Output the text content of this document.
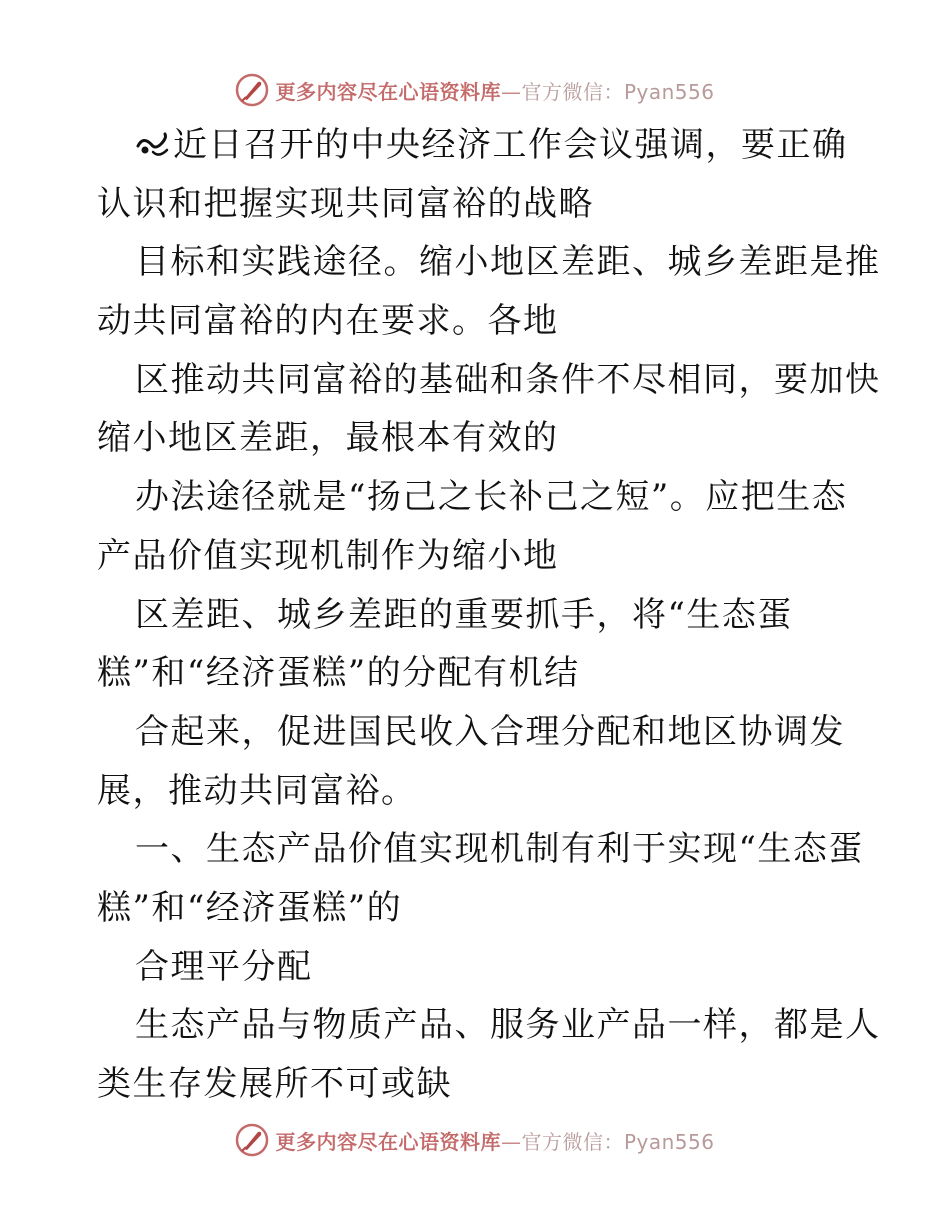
更多内容尽在心语资料库—官方微信：Pyan556
近日召开的中央经济工作会议强调，要正确
认识和把握实现共同富裕的战略
目标和实践途径。缩小地区差距、城乡差距是推
动共同富裕的内在要求。各地
区推动共同富裕的基础和条件不尽相同，要加快
缩小地区差距，最根本有效的
办法途径就是“扬己之长补己之短”。应把生态
产品价值实现机制作为缩小地
区差距、城乡差距的重要抓手，将“生态蛋
糕”和“经济蛋糕”的分配有机结
合起来，促进国民收入合理分配和地区协调发
展，推动共同富裕。
一、生态产品价值实现机制有利于实现“生态蛋
糕”和“经济蛋糕”的
合理平分配
生态产品与物质产品、服务业产品一样，都是人
类生存发展所不可或缺
更多内容尽在心语资料库—官方微信：Pyan556
